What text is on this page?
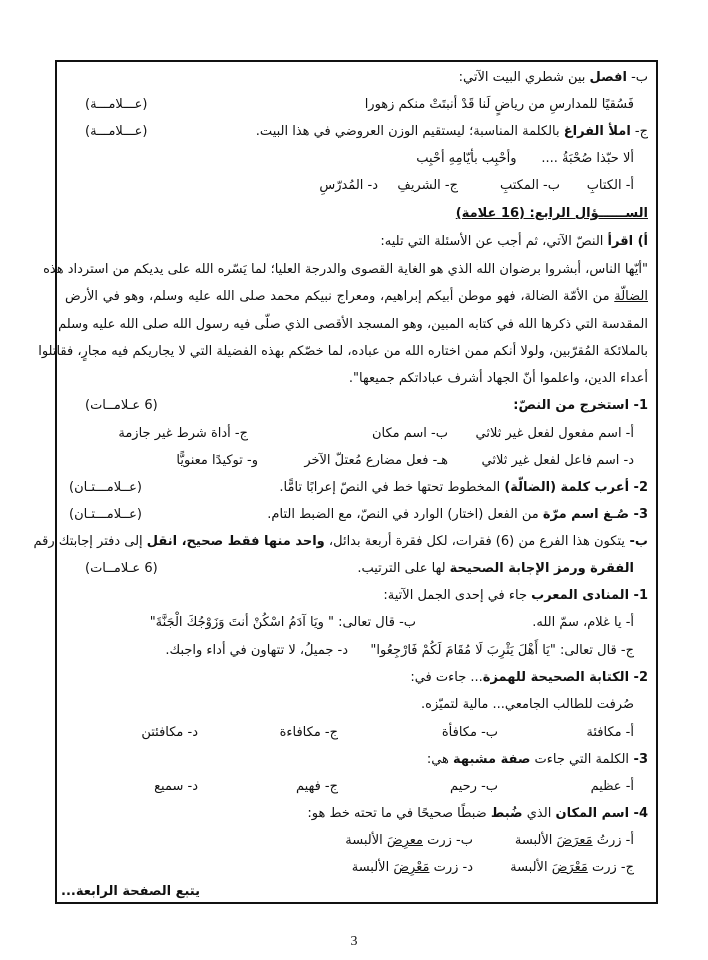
ب- افصل بين شطري البيت الآتي:
فَسُقيًا للمدارسِ من رياضٍ لَنا قَدْ أنبتَتْ منكم زهورا
(عـــلامـــة)
ج- املأ الفراغ بالكلمة المناسبة؛ ليستقيم الوزن العروضي في هذا البيت.
(عـــلامـــة)
ألا حبّذا صُحْبَةُ ....      وأحْبِب بأيّامِهِ أحْبِب
أ- الكتابِ
ب- المكتبِ
ج- الشريفِ
د- المُدرّسِ
الســــــؤال الرابع: (16 علامة)
أ) اقرأ النصّ الآتي، ثم أجب عن الأسئلة التي تليه:
"أيّها الناس، أبشروا برضوان الله الذي هو الغاية القصوى والدرجة العليا؛ لما يَسّره الله على يديكم من استرداد هذه
الضالّة من الأمّة الضالة، فهو موطن أبيكم إبراهيم، ومعراج نبيكم محمد صلى الله عليه وسلم، وهو في الأرض
المقدسة التي ذكرها الله في كتابه المبين، وهو المسجد الأقصى الذي صلّى فيه رسول الله صلى الله عليه وسلم
بالملائكة المُقرّبين، ولولا أنكم ممن اختاره الله من عباده، لما خصّكم بهذه الفضيلة التي لا يجاريكم فيه مجارٍ، فقاتلوا
أعداء الدين، واعلموا أنّ الجهاد أشرف عباداتكم جميعها".
1- استخرج من النصّ:
(6 عـلامــات)
أ- اسم مفعول لفعل غير ثلاثي
ب- اسم مكان
ج- أداة شرط غير جازمة
د- اسم فاعل لفعل غير ثلاثي
هـ- فعل مضارع مُعتلّ الآخر
و- توكيدًا معنويًّا
2- أعرب كلمة (الضالّة) المخطوط تحتها خط في النصّ إعرابًا تامًّا.
(عــلامـــتـان)
3- صُـغ اسم مرّة من الفعل (اختار) الوارد في النصّ، مع الضبط التام.
(عــلامـــتـان)
ب- يتكون هذا الفرع من (6) فقرات، لكل فقرة أربعة بدائل، واحد منها فقط صحيح، انقل إلى دفتر إجابتك رقم
الفقرة ورمز الإجابة الصحيحة لها على الترتيب.
(6 عـلامــات)
1- المنادى المعرب جاء في إحدى الجمل الآتية:
أ- يا غلام، سمّ الله.
ب- قال تعالى: " ويَا آدَمُ اسْكُنْ أنتَ وَزَوْجُكَ الْجَنَّةَ"
ج- قال تعالى: "يَا أَهْلَ يَثْرِبَ لَا مُقَامَ لَكُمْ فَارْجِعُوا"
د- جميلُ، لا تتهاون في أداء واجبك.
2- الكتابة الصحيحة للهمزة... جاءت في:
صُرفت للطالب الجامعي... مالية لتميّزه.
أ- مكافئة
ب- مكافأة
ج- مكافاءة
د- مكافئتن
3- الكلمة التي جاءت صفة مشبهة هي:
أ- عظيم
ب- رحيم
ج- فهيم
د- سميع
4- اسم المكان الذي ضُبط ضبطًا صحيحًا في ما تحته خط هو:
أ- زرتُ مَعرَضَ الألبسة
ب- زرت معرِضَ الألبسة
ج- زرت مَعْرَضَ الألبسة
د- زرت مَعْرِضَ الألبسة
يتبع الصفحة الرابعة...
3
